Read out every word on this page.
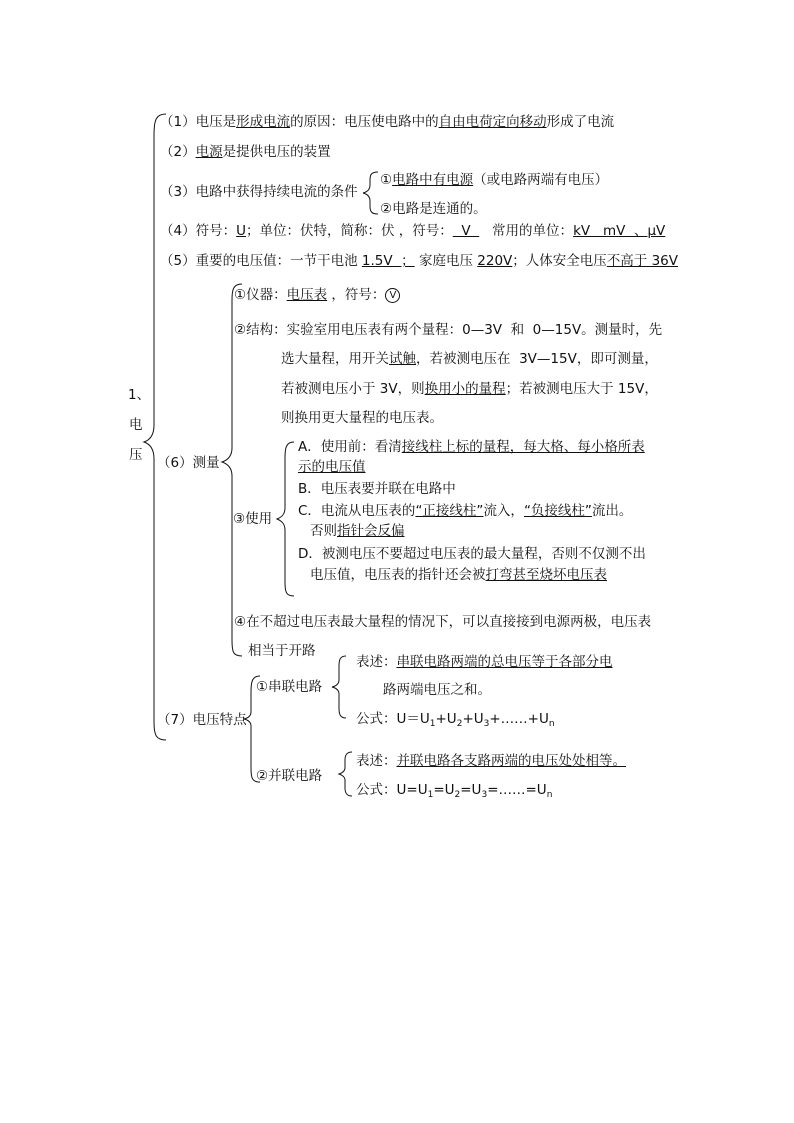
1、
电
压
（1）电压是形成电流的原因：电压使电路中的自由电荷定向移动形成了电流
（2）电源是提供电压的装置
（3）电路中获得持续电流的条件
①电路中有电源（或电路两端有电压）
②电路是连通的。
（4）符号：U；单位：伏特，简称：伏 ，符号：  V     常用的单位：kV   mV  、μV
（5）重要的电压值：一节干电池 1.5V  ； 家庭电压 220V；人体安全电压不高于 36V
（6）测量
①仪器：电压表 ，符号： V
②结构：实验室用电压表有两个量程：0—3V  和  0—15V。测量时，先
选大量程，用开关试触，若被测电压在  3V—15V，即可测量，
若被测电压小于 3V，则换用小的量程；若被测电压大于 15V，
则换用更大量程的电压表。
③使用
A．使用前：看清接线柱上标的量程，每大格、每小格所表
示的电压值
B．电压表要并联在电路中
C．电流从电压表的“正接线柱”流入，“负接线柱”流出。
否则指针会反偏
D．被测电压不要超过电压表的最大量程，否则不仅测不出
电压值，电压表的指针还会被打弯甚至烧坏电压表
④在不超过电压表最大量程的情况下，可以直接接到电源两极，电压表
相当于开路
（7）电压特点
①串联电路
表述：串联电路两端的总电压等于各部分电
路两端电压之和。
公式：$U=U_1+U_2+U_3+\dots\dots+U_n$
②并联电路
表述：并联电路各支路两端的电压处处相等。
公式：$U=U_1=U_2=U_3=\dots\dots=U_n$
